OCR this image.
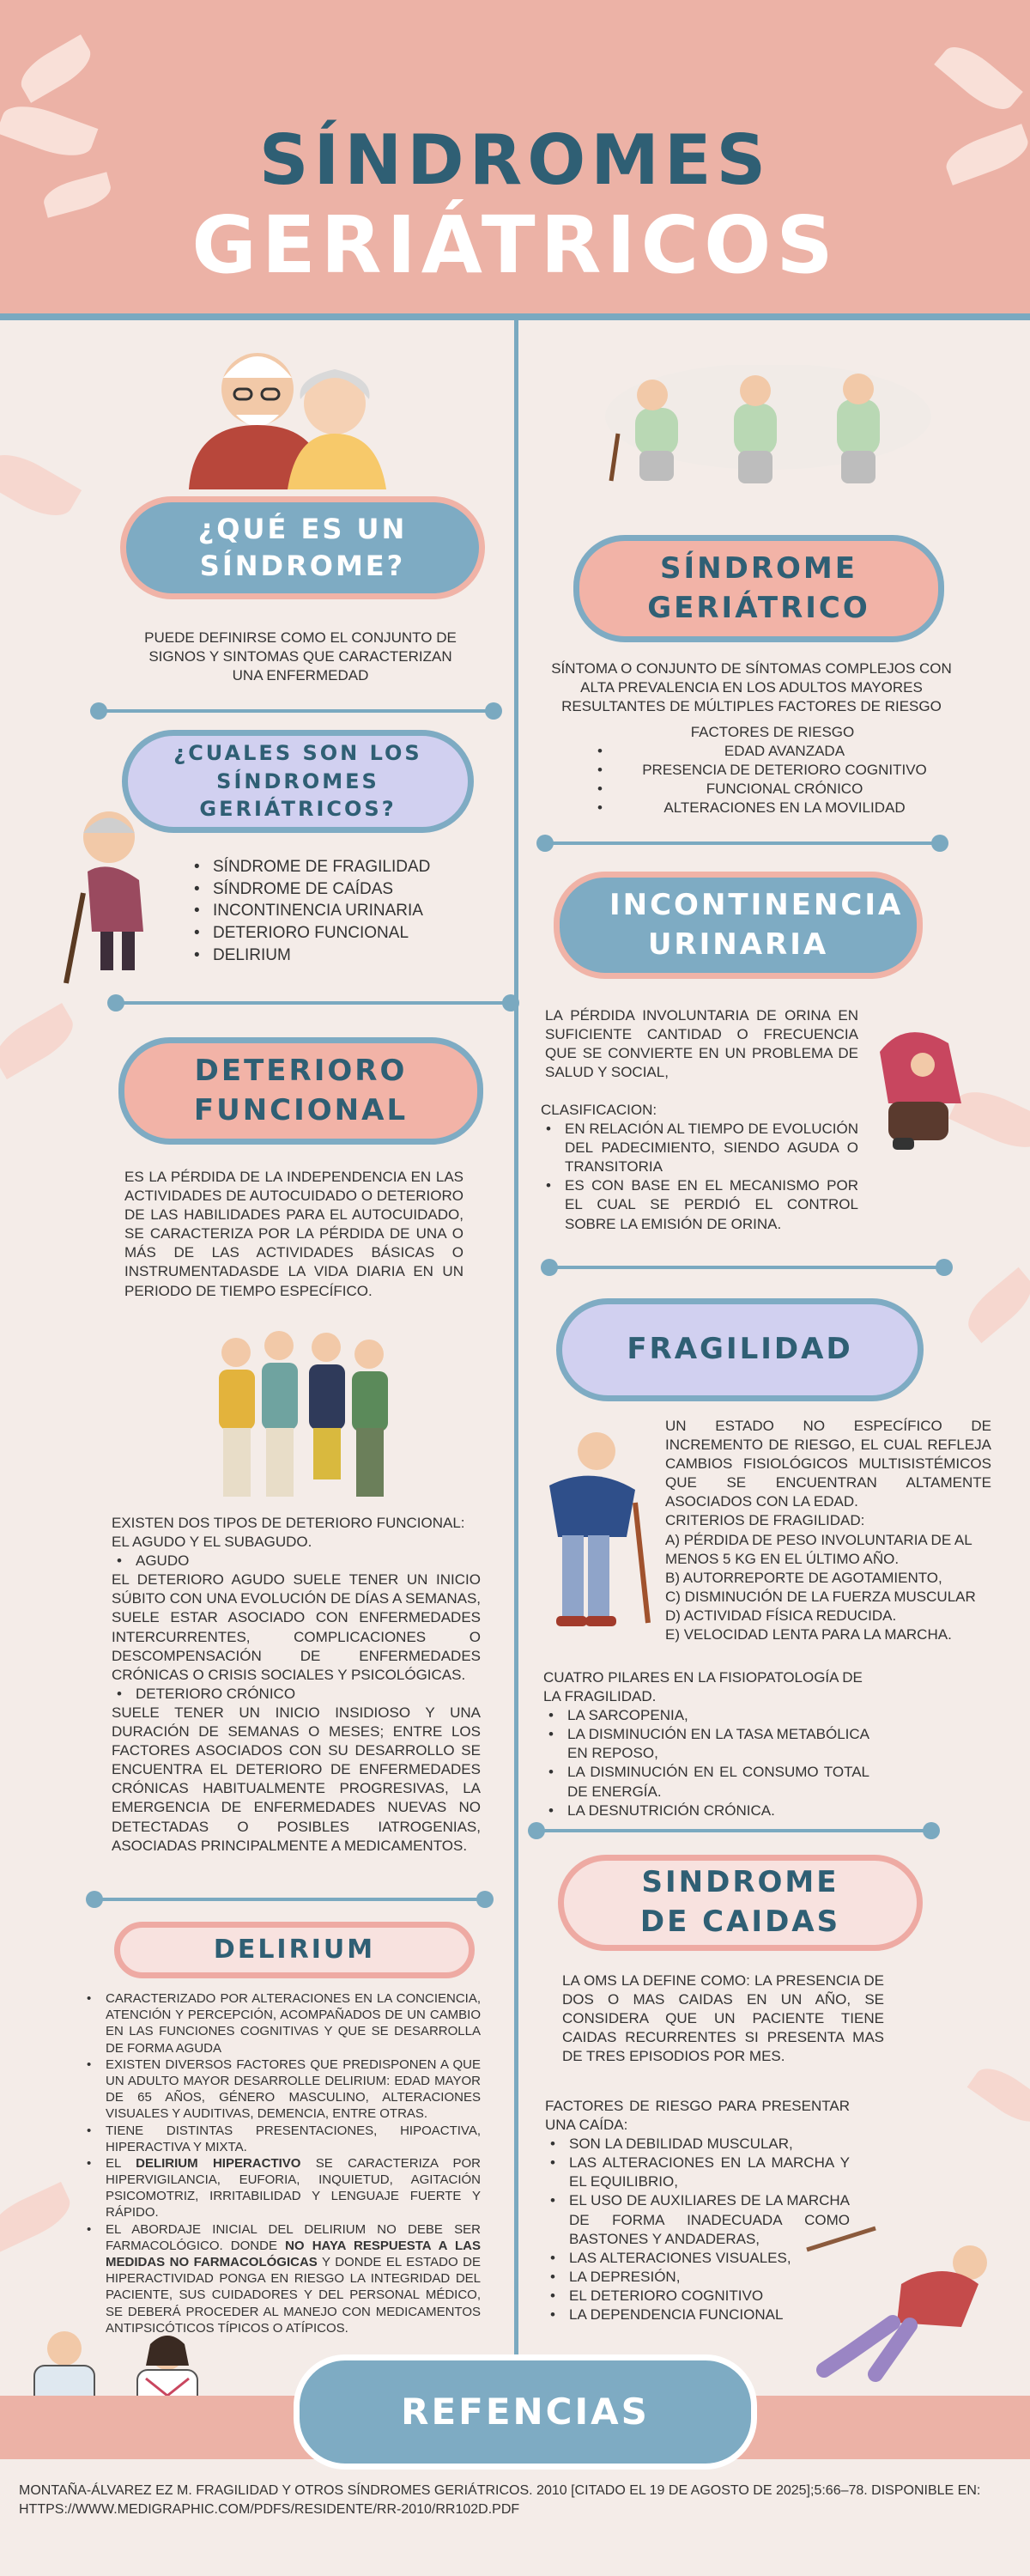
SÍNDROMES
GERIÁTRICOS
¿QUÉ ES UN SÍNDROME?
PUEDE DEFINIRSE COMO EL CONJUNTO DE SIGNOS Y SINTOMAS QUE CARACTERIZAN UNA ENFERMEDAD
¿CUALES SON LOS SÍNDROMES GERIÁTRICOS?
• SÍNDROME DE FRAGILIDAD
• SÍNDROME DE CAÍDAS
• INCONTINENCIA URINARIA
• DETERIORO FUNCIONAL
• DELIRIUM
DETERIORO FUNCIONAL
ES LA PÉRDIDA DE LA INDEPENDENCIA EN LAS ACTIVIDADES DE AUTOCUIDADO O DETERIORO DE LAS HABILIDADES PARA EL AUTOCUIDADO, SE CARACTERIZA POR LA PÉRDIDA DE UNA O MÁS DE LAS ACTIVIDADES BÁSICAS O INSTRUMENTADASDE LA VIDA DIARIA EN UN PERIODO DE TIEMPO ESPECÍFICO.
EXISTEN DOS TIPOS DE DETERIORO FUNCIONAL: EL AGUDO Y EL SUBAGUDO.
• AGUDO
EL DETERIORO AGUDO SUELE TENER UN INICIO SÚBITO CON UNA EVOLUCIÓN DE DÍAS A SEMANAS, SUELE ESTAR ASOCIADO CON ENFERMEDADES INTERCURRENTES, COMPLICACIONES O DESCOMPENSACIÓN DE ENFERMEDADES CRÓNICAS O CRISIS SOCIALES Y PSICOLÓGICAS.
• DETERIORO CRÓNICO
SUELE TENER UN INICIO INSIDIOSO Y UNA DURACIÓN DE SEMANAS O MESES; ENTRE LOS FACTORES ASOCIADOS CON SU DESARROLLO SE ENCUENTRA EL DETERIORO DE ENFERMEDADES CRÓNICAS HABITUALMENTE PROGRESIVAS, LA EMERGENCIA DE ENFERMEDADES NUEVAS NO DETECTADAS O POSIBLES IATROGENIAS, ASOCIADAS PRINCIPALMENTE A MEDICAMENTOS.
DELIRIUM
• CARACTERIZADO POR ALTERACIONES EN LA CONCIENCIA, ATENCIÓN Y PERCEPCIÓN, ACOMPAÑADOS DE UN CAMBIO EN LAS FUNCIONES COGNITIVAS Y QUE SE DESARROLLA DE FORMA AGUDA
• EXISTEN DIVERSOS FACTORES QUE PREDISPONEN A QUE UN ADULTO MAYOR DESARROLLE DELIRIUM: EDAD MAYOR DE 65 AÑOS, GÉNERO MASCULINO, ALTERACIONES VISUALES Y AUDITIVAS, DEMENCIA, ENTRE OTRAS.
• TIENE DISTINTAS PRESENTACIONES, HIPOACTIVA, HIPERACTIVA Y MIXTA.
• EL DELIRIUM HIPERACTIVO SE CARACTERIZA POR HIPERVIGILANCIA, EUFORIA, INQUIETUD, AGITACIÓN PSICOMOTRIZ, IRRITABILIDAD Y LENGUAJE FUERTE Y RÁPIDO.
• EL ABORDAJE INICIAL DEL DELIRIUM NO DEBE SER FARMACOLÓGICO. DONDE NO HAYA RESPUESTA A LAS MEDIDAS NO FARMACOLÓGICAS Y DONDE EL ESTADO DE HIPERACTIVIDAD PONGA EN RIESGO LA INTEGRIDAD DEL PACIENTE, SUS CUIDADORES Y DEL PERSONAL MÉDICO, SE DEBERÁ PROCEDER AL MANEJO CON MEDICAMENTOS ANTIPSICÓTICOS TÍPICOS O ATÍPICOS.
SÍNDROME GERIÁTRICO
SÍNTOMA O CONJUNTO DE SÍNTOMAS COMPLEJOS CON ALTA PREVALENCIA EN LOS ADULTOS MAYORES RESULTANTES DE MÚLTIPLES FACTORES DE RIESGO
FACTORES DE RIESGO
• EDAD AVANZADA
• PRESENCIA DE DETERIORO COGNITIVO
• FUNCIONAL CRÓNICO
• ALTERACIONES EN LA MOVILIDAD
INCONTINENCIA URINARIA
LA PÉRDIDA INVOLUNTARIA DE ORINA EN SUFICIENTE CANTIDAD O FRECUENCIA QUE SE CONVIERTE EN UN PROBLEMA DE SALUD Y SOCIAL,
CLASIFICACION:
• EN RELACIÓN AL TIEMPO DE EVOLUCIÓN DEL PADECIMIENTO, SIENDO AGUDA O TRANSITORIA
• ES CON BASE EN EL MECANISMO POR EL CUAL SE PERDIÓ EL CONTROL SOBRE LA EMISIÓN DE ORINA.
FRAGILIDAD
UN ESTADO NO ESPECÍFICO DE INCREMENTO DE RIESGO, EL CUAL REFLEJA CAMBIOS FISIOLÓGICOS MULTISISTÉMICOS QUE SE ENCUENTRAN ALTAMENTE ASOCIADOS CON LA EDAD.
CRITERIOS DE FRAGILIDAD:
A) PÉRDIDA DE PESO INVOLUNTARIA DE AL MENOS 5 KG EN EL ÚLTIMO AÑO.
B) AUTORREPORTE DE AGOTAMIENTO,
C) DISMINUCIÓN DE LA FUERZA MUSCULAR
D) ACTIVIDAD FÍSICA REDUCIDA.
E) VELOCIDAD LENTA PARA LA MARCHA.
CUATRO PILARES EN LA FISIOPATOLOGÍA DE LA FRAGILIDAD.
• LA SARCOPENIA,
• LA DISMINUCIÓN EN LA TASA METABÓLICA EN REPOSO,
• LA DISMINUCIÓN EN EL CONSUMO TOTAL DE ENERGÍA.
• LA DESNUTRICIÓN CRÓNICA.
SINDROME DE CAIDAS
LA OMS LA DEFINE COMO: LA PRESENCIA DE DOS O MAS CAIDAS EN UN AÑO, SE CONSIDERA QUE UN PACIENTE TIENE CAIDAS RECURRENTES SI PRESENTA MAS DE TRES EPISODIOS POR MES.
FACTORES DE RIESGO PARA PRESENTAR UNA CAÍDA:
• SON LA DEBILIDAD MUSCULAR,
• LAS ALTERACIONES EN LA MARCHA Y EL EQUILIBRIO,
• EL USO DE AUXILIARES DE LA MARCHA DE FORMA INADECUADA COMO BASTONES Y ANDADERAS,
• LAS ALTERACIONES VISUALES,
• LA DEPRESIÓN,
• EL DETERIORO COGNITIVO
• LA DEPENDENCIA FUNCIONAL
REFENCIAS
MONTAÑA-ÁLVAREZ EZ M. FRAGILIDAD Y OTROS SÍNDROMES GERIÁTRICOS. 2010 [CITADO EL 19 DE AGOSTO DE 2025];5:66–78. DISPONIBLE EN: HTTPS://WWW.MEDIGRAPHIC.COM/PDFS/RESIDENTE/RR-2010/RR102D.PDF
